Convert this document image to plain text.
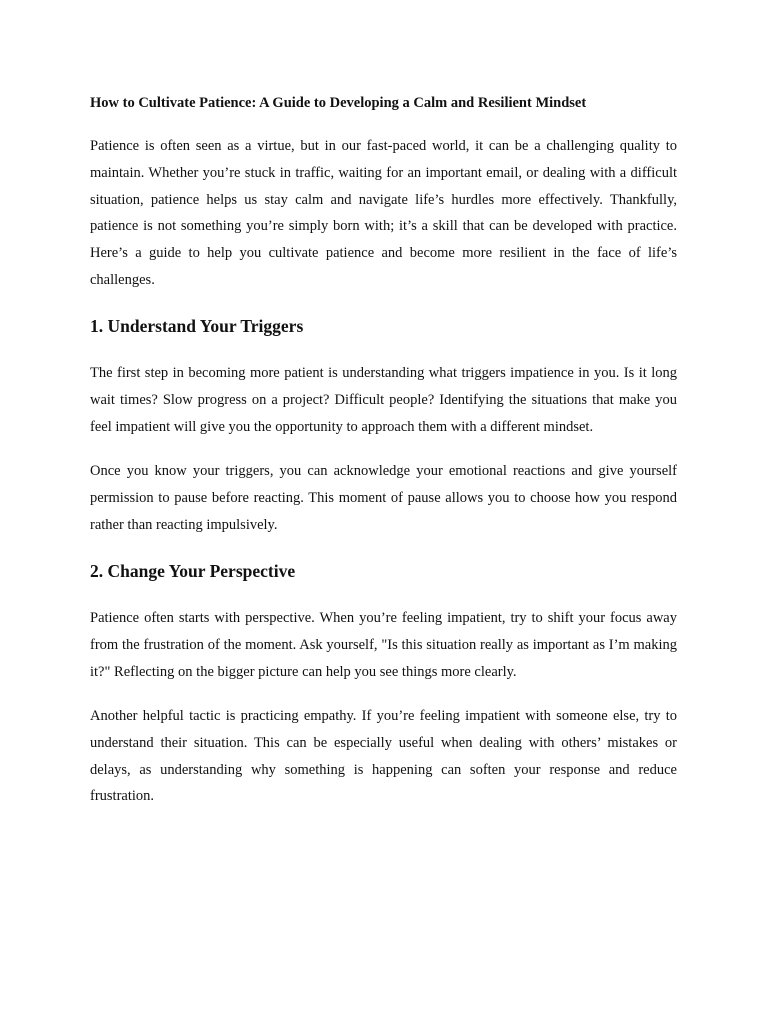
How to Cultivate Patience: A Guide to Developing a Calm and Resilient Mindset

Patience is often seen as a virtue, but in our fast-paced world, it can be a challenging quality to maintain. Whether you’re stuck in traffic, waiting for an important email, or dealing with a difficult situation, patience helps us stay calm and navigate life’s hurdles more effectively. Thankfully, patience is not something you’re simply born with; it’s a skill that can be developed with practice. Here’s a guide to help you cultivate patience and become more resilient in the face of life’s challenges.

1. Understand Your Triggers

The first step in becoming more patient is understanding what triggers impatience in you. Is it long wait times? Slow progress on a project? Difficult people? Identifying the situations that make you feel impatient will give you the opportunity to approach them with a different mindset.

Once you know your triggers, you can acknowledge your emotional reactions and give yourself permission to pause before reacting. This moment of pause allows you to choose how you respond rather than reacting impulsively.

2. Change Your Perspective

Patience often starts with perspective. When you’re feeling impatient, try to shift your focus away from the frustration of the moment. Ask yourself, "Is this situation really as important as I’m making it?" Reflecting on the bigger picture can help you see things more clearly.

Another helpful tactic is practicing empathy. If you’re feeling impatient with someone else, try to understand their situation. This can be especially useful when dealing with others’ mistakes or delays, as understanding why something is happening can soften your response and reduce frustration.
